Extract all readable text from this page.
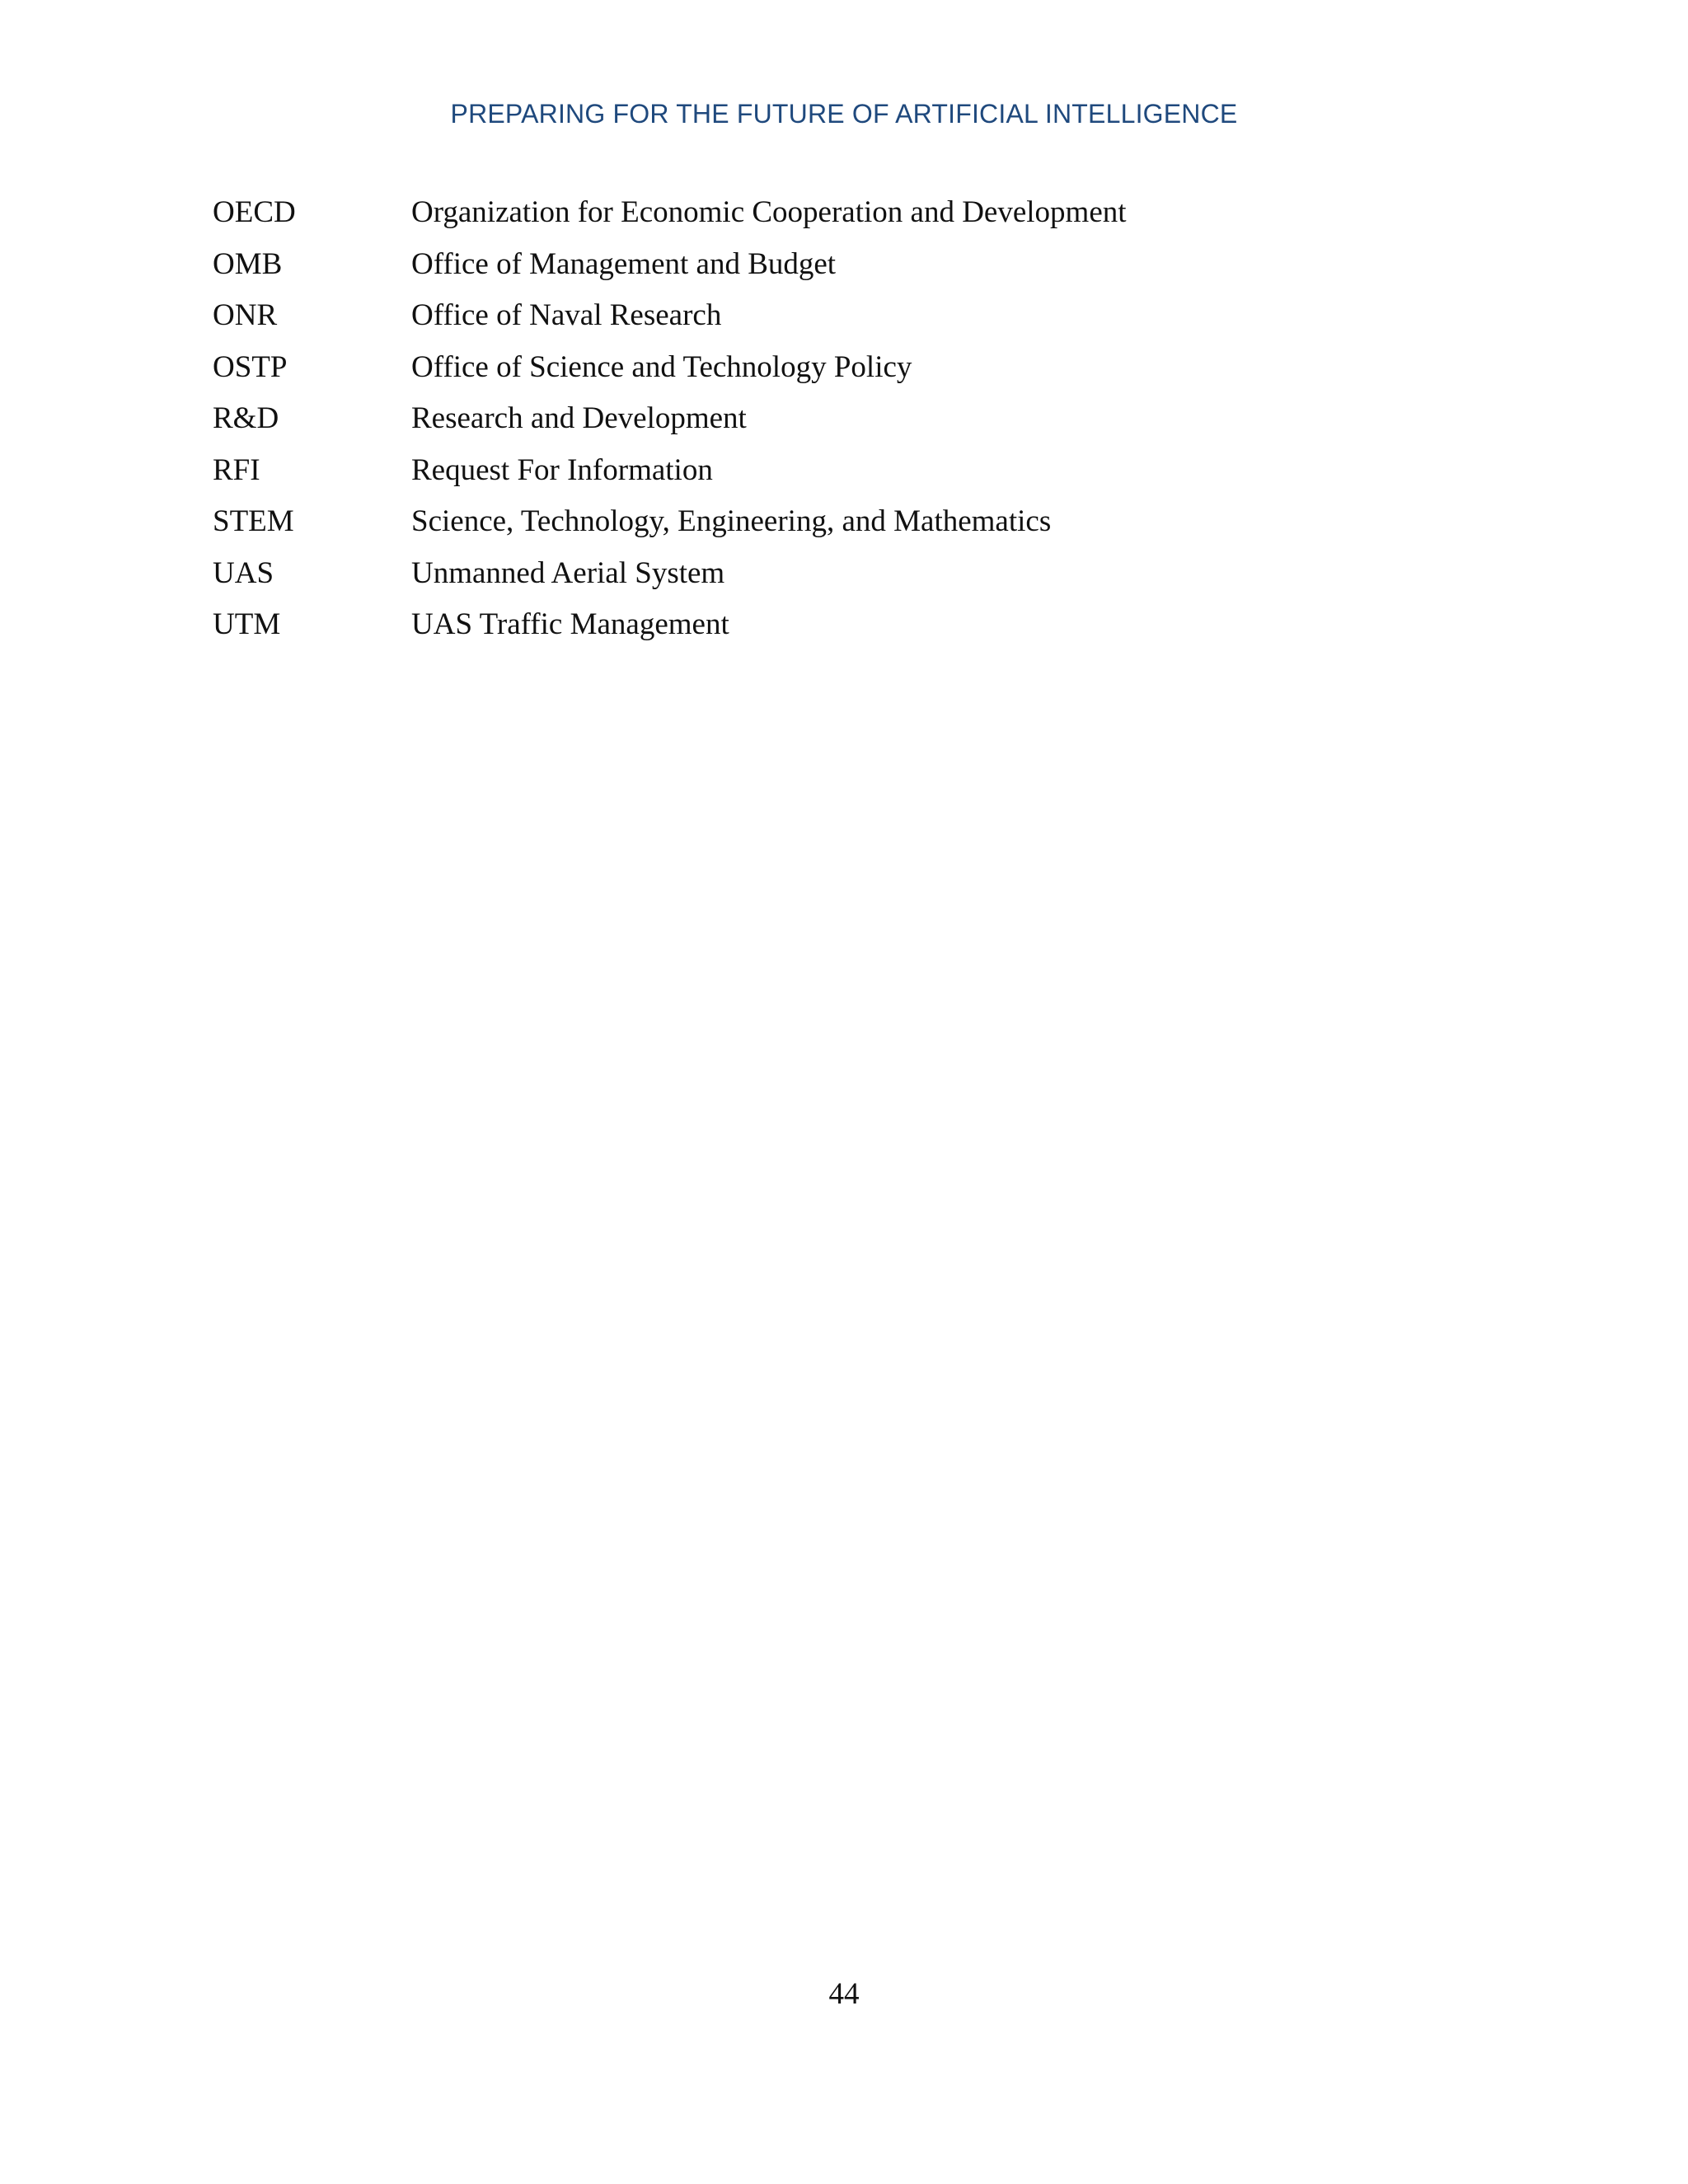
PREPARING FOR THE FUTURE OF ARTIFICIAL INTELLIGENCE
OECD	Organization for Economic Cooperation and Development
OMB	Office of Management and Budget
ONR	Office of Naval Research
OSTP	Office of Science and Technology Policy
R&D	Research and Development
RFI	Request For Information
STEM	Science, Technology, Engineering, and Mathematics
UAS	Unmanned Aerial System
UTM	UAS Traffic Management
44
